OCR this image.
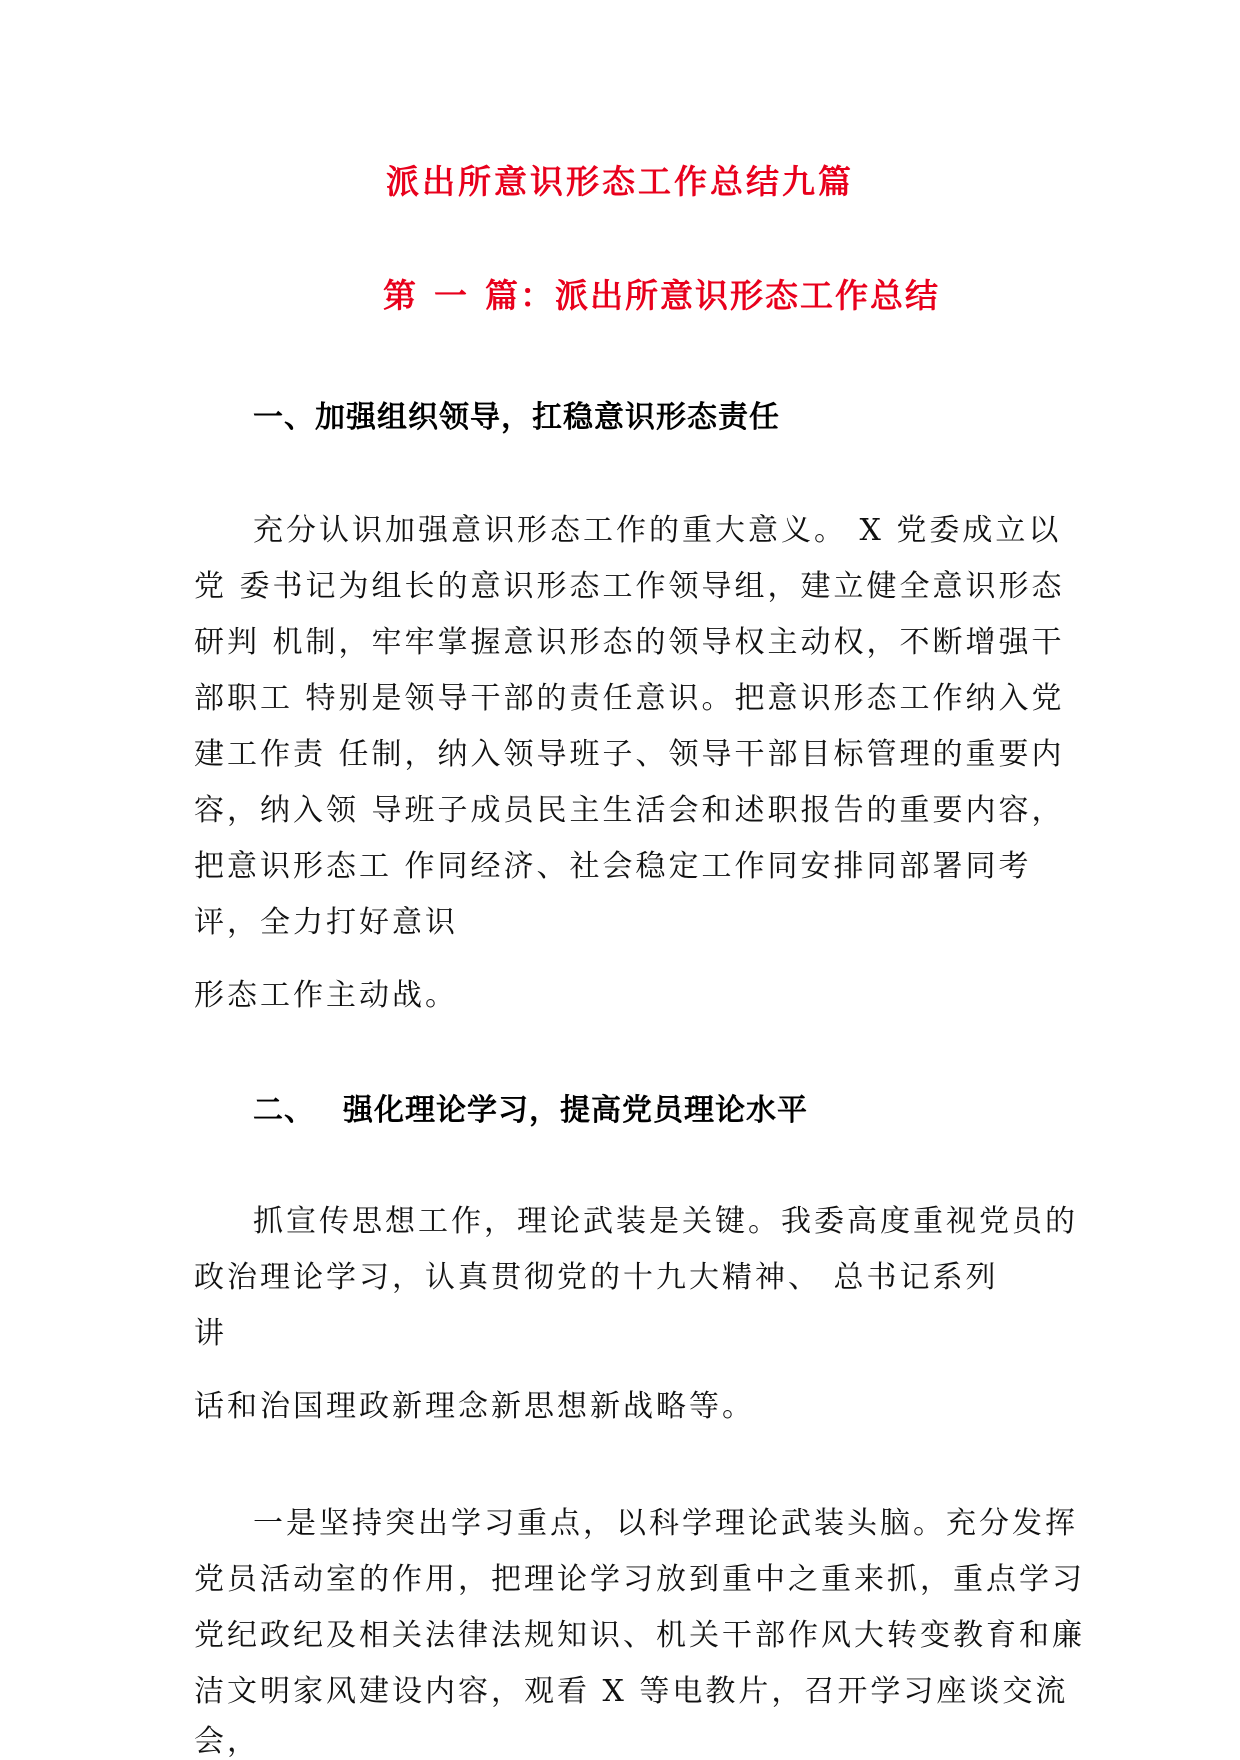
派出所意识形态工作总结九篇
第 一 篇：派出所意识形态工作总结
一、加强组织领导，扛稳意识形态责任
充分认识加强意识形态工作的重大意义。 X 党委成立以
党 委书记为组长的意识形态工作领导组，建立健全意识形态
研判 机制，牢牢掌握意识形态的领导权主动权，不断增强干
部职工 特别是领导干部的责任意识。把意识形态工作纳入党
建工作责 任制，纳入领导班子、领导干部目标管理的重要内
容，纳入领 导班子成员民主生活会和述职报告的重要内容，
把意识形态工 作同经济、社会稳定工作同安排同部署同考
评，全力打好意识
形态工作主动战。
二、 强化理论学习，提高党员理论水平
抓宣传思想工作，理论武装是关键。我委高度重视党员的
政治理论学习，认真贯彻党的十九大精神、 总书记系列
讲
话和治国理政新理念新思想新战略等。
一是坚持突出学习重点，以科学理论武装头脑。充分发挥
党员活动室的作用，把理论学习放到重中之重来抓，重点学习
党纪政纪及相关法律法规知识、机关干部作风大转变教育和廉
洁文明家风建设内容，观看 X 等电教片，召开学习座谈交流
会，
